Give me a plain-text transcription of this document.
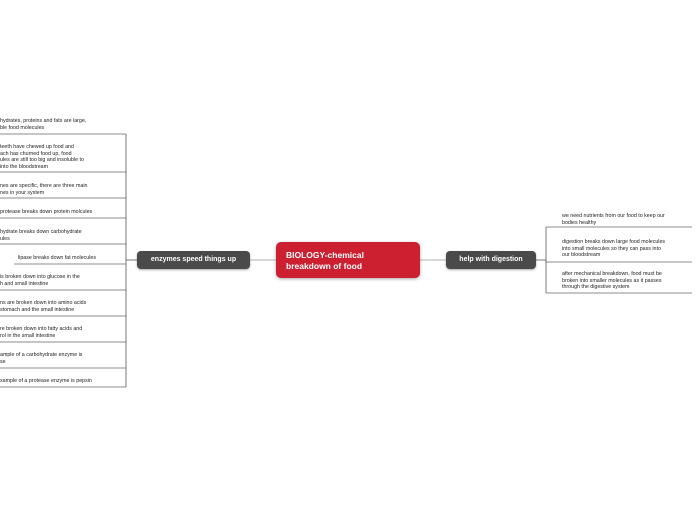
BIOLOGY-chemical
breakdown of food
enzymes speed things up	help with digestion
hydrates, proteins and fats are large,
ble food molecules
teeth have chewed up food and
ach has churned food up, food
ules are still too big and insoluble to
into the bloodstream
nes are specific, there are three main
nes in your system
protease breaks down protein molcules
hydrate breaks down carbohydrate
ules
lipase breaks down fat molecules
is broken down into glucose in the
h and small intestine
ns are broken down into amino acids
stomach and the small intestine
re broken down into fatty acids and
rol in the small intestine
ample of a carbohydrate enzyme is
se
xample of a protease enzyme is pepsin
we need nutrients from our food to keep our
bodies healthy
digestion breaks down large food molecules
into small molecules so they can pass into
our bloodstream
after mechanical breakdown, food must be
broken into smaller molecules as it passes
through the digestive system
